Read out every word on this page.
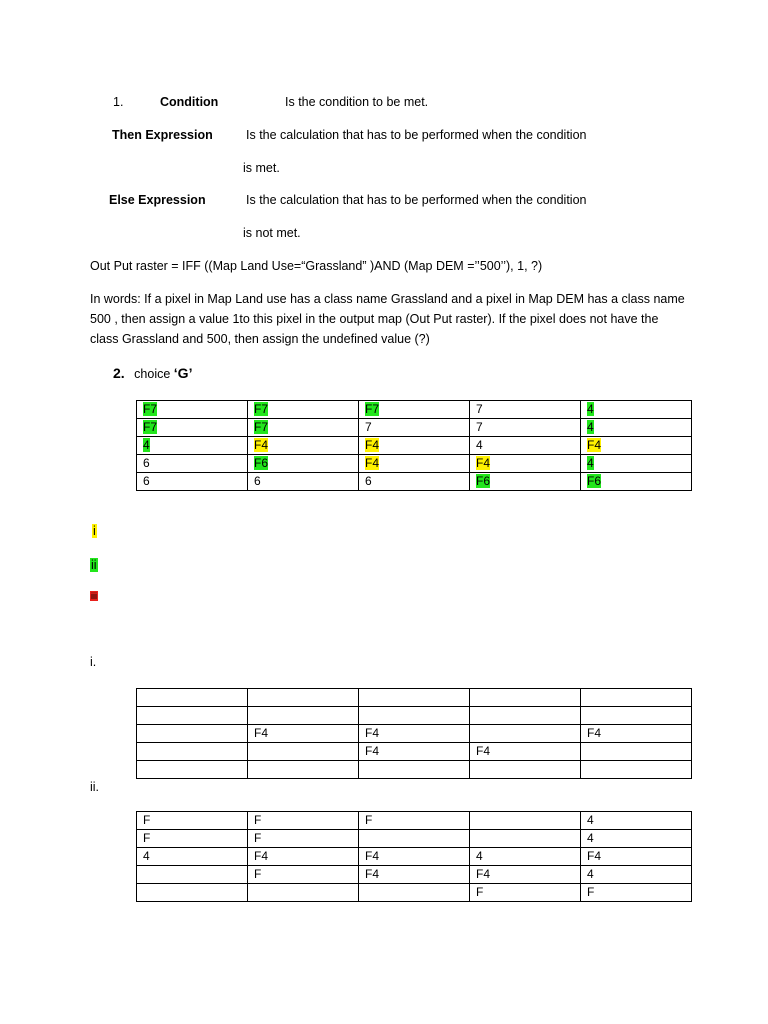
1.	Condition	Is the condition to be met.
Then Expression	Is the calculation that has to be performed when the condition
is met.
Else Expression	Is the calculation that has to be performed when the condition
is not met.
Out Put raster = IFF ((Map Land Use=“Grassland” )AND (Map DEM =’’500’’), 1, ?)
In words: If a pixel in Map Land use has a class name Grassland and a pixel in Map DEM has a class name 500 , then assign a value 1to this pixel in the output map (Out Put raster). If the pixel does not have the class Grassland and 500, then assign the undefined value (?)
2. choice ‘G’
F7	F7	F7	7	4
F7	F7	7	7	4
4	F4	F4	4	F4
6	F6	F4	F4	4
6	6	6	F6	F6
i
ii
iii
i.

	F4	F4		F4
		F4	F4	

ii.
F	F	F		4
F	F			4
4	F4	F4	4	F4
	F	F4	F4	4
			F	F
